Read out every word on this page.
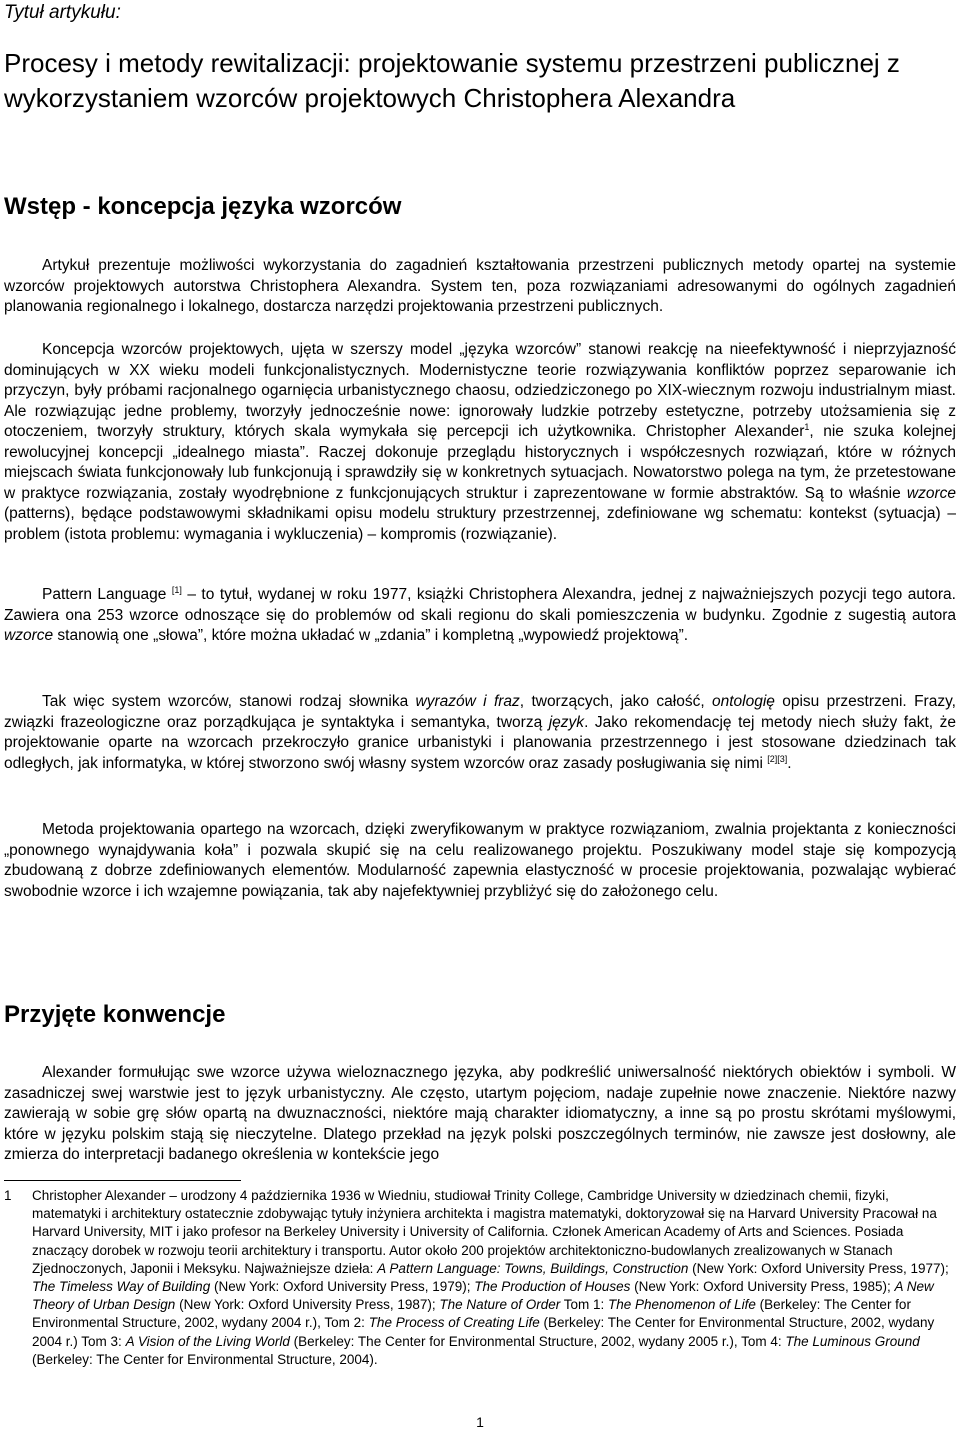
Tytuł artykułu:
Procesy i metody rewitalizacji: projektowanie systemu przestrzeni publicznej z wykorzystaniem wzorców projektowych Christophera Alexandra
Wstęp - koncepcja języka wzorców

Artykuł prezentuje możliwości wykorzystania do zagadnień kształtowania przestrzeni publicznych metody opartej na systemie wzorców projektowych autorstwa Christophera Alexandra. System ten, poza rozwiązaniami adresowanymi do ogólnych zagadnień planowania regionalnego i lokalnego, dostarcza narzędzi projektowania przestrzeni publicznych.

Koncepcja wzorców projektowych, ujęta w szerszy model „języka wzorców” stanowi reakcję na nieefektywność i nieprzyjazność dominujących w XX wieku modeli funkcjonalistycznych. Modernistyczne teorie rozwiązywania konfliktów poprzez separowanie ich przyczyn, były próbami racjonalnego ogarnięcia urbanistycznego chaosu, odziedziczonego po XIX-wiecznym rozwoju industrialnym miast. Ale rozwiązując jedne problemy, tworzyły jednocześnie nowe: ignorowały ludzkie potrzeby estetyczne, potrzeby utożsamienia się z otoczeniem, tworzyły struktury, których skala wymykała się percepcji ich użytkownika. Christopher Alexander$^1$, nie szuka kolejnej rewolucyjnej koncepcji „idealnego miasta”. Raczej dokonuje przeglądu historycznych i współczesnych rozwiązań, które w różnych miejscach świata funkcjonowały lub funkcjonują i sprawdziły się w konkretnych sytuacjach. Nowatorstwo polega na tym, że przetestowane w praktyce rozwiązania, zostały wyodrębnione z funkcjonujących struktur i zaprezentowane w formie abstraktów. Są to właśnie wzorce (patterns), będące podstawowymi składnikami opisu modelu struktury przestrzennej, zdefiniowane wg schematu: kontekst (sytuacja) – problem (istota problemu: wymagania i wykluczenia) – kompromis (rozwiązanie).

Pattern Language [1] – to tytuł, wydanej w roku 1977, książki Christophera Alexandra, jednej z najważniejszych pozycji tego autora. Zawiera ona 253 wzorce odnoszące się do problemów od skali regionu do skali pomieszczenia w budynku. Zgodnie z sugestią autora wzorce stanowią one „słowa”, które można układać w „zdania” i kompletną „wypowiedź projektową”.

Tak więc system wzorców, stanowi rodzaj słownika wyrazów i fraz, tworzących, jako całość, ontologię opisu przestrzeni. Frazy, związki frazeologiczne oraz porządkująca je syntaktyka i semantyka, tworzą język. Jako rekomendację tej metody niech służy fakt, że projektowanie oparte na wzorcach przekroczyło granice urbanistyki i planowania przestrzennego i jest stosowane dziedzinach tak odległych, jak informatyka, w której stworzono swój własny system wzorców oraz zasady posługiwania się nimi [2][3].

Metoda projektowania opartego na wzorcach, dzięki zweryfikowanym w praktyce rozwiązaniom, zwalnia projektanta z konieczności „ponownego wynajdywania koła” i pozwala skupić się na celu realizowanego projektu. Poszukiwany model staje się kompozycją zbudowaną z dobrze zdefiniowanych elementów. Modularność zapewnia elastyczność w procesie projektowania, pozwalając wybierać swobodnie wzorce i ich wzajemne powiązania, tak aby najefektywniej przybliżyć się do założonego celu.

Przyjęte konwencje

Alexander formułując swe wzorce używa wieloznacznego języka, aby podkreślić uniwersalność niektórych obiektów i symboli. W zasadniczej swej warstwie jest to język urbanistyczny. Ale często, utartym pojęciom, nadaje zupełnie nowe znaczenie. Niektóre nazwy zawierają w sobie grę słów opartą na dwuznaczności, niektóre mają charakter idiomatyczny, a inne są po prostu skrótami myślowymi, które w języku polskim stają się nieczytelne. Dlatego przekład na język polski poszczególnych terminów, nie zawsze jest dosłowny, ale zmierza do interpretacji badanego określenia w kontekście jego

1 Christopher Alexander – urodzony 4 października 1936 w Wiedniu, studiował Trinity College, Cambridge University w dziedzinach chemii, fizyki, matematyki i architektury ostatecznie zdobywając tytuły inżyniera architekta i magistra matematyki, doktoryzował się na Harvard University Pracował na Harvard University, MIT i jako profesor na Berkeley University i University of California. Członek American Academy of Arts and Sciences. Posiada znaczący dorobek w rozwoju teorii architektury i transportu. Autor około 200 projektów architektoniczno-budowlanych zrealizowanych w Stanach Zjednoczonych, Japonii i Meksyku. Najważniejsze dzieła: A Pattern Language: Towns, Buildings, Construction (New York: Oxford University Press, 1977); The Timeless Way of Building (New York: Oxford University Press, 1979); The Production of Houses (New York: Oxford University Press, 1985); A New Theory of Urban Design (New York: Oxford University Press, 1987); The Nature of Order Tom 1: The Phenomenon of Life (Berkeley: The Center for Environmental Structure, 2002, wydany 2004 r.), Tom 2: The Process of Creating Life (Berkeley: The Center for Environmental Structure, 2002, wydany 2004 r.) Tom 3: A Vision of the Living World (Berkeley: The Center for Environmental Structure, 2002, wydany 2005 r.), Tom 4: The Luminous Ground (Berkeley: The Center for Environmental Structure, 2004).
1
